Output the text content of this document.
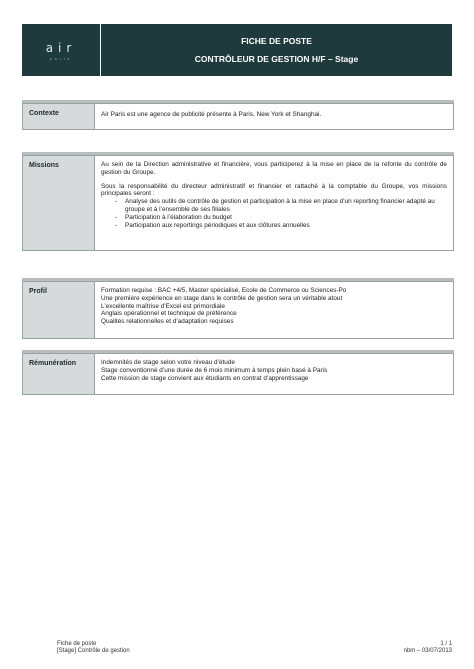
air
paris
FICHE DE POSTE
CONTRÔLEUR DE GESTION H/F – Stage
Contexte	Air Paris est une agence de publicité présente à Paris, New York et Shanghai.

Missions	Au sein de la Direction administrative et financière, vous participerez à la mise en place de la refonte du contrôle de gestion du Groupe.

Sous la responsabilité du directeur administratif et financier et rattaché à la comptable du Groupe, vos missions principales seront :

- Analyse des outils de contrôle de gestion et participation à la mise en place d’un reporting financier adapté au groupe et à l’ensemble de ses filiales
- Participation à l’élaboration du budget
- Participation aux reportings périodiques et aux clôtures annuelles
Profil	Formation requise : BAC +4/5, Master spécialisé, Ecole de Commerce ou Sciences-Po
Une première expérience en stage dans le contrôle de gestion sera un véritable atout
L’excellente maîtrise d’Excel est primordiale
Anglais opérationnel et technique de préférence
Qualités relationnelles et d’adaptation requises
Rémunération	Indemnités de stage selon votre niveau d’étude
Stage conventionné d’une durée de 6 mois minimum à temps plein basé à Paris
Cette mission de stage convient aux étudiants en contrat d’apprentissage
Fiche de poste	1 / 1
[Stage] Contrôle de gestion	nbm – 03/07/2013
